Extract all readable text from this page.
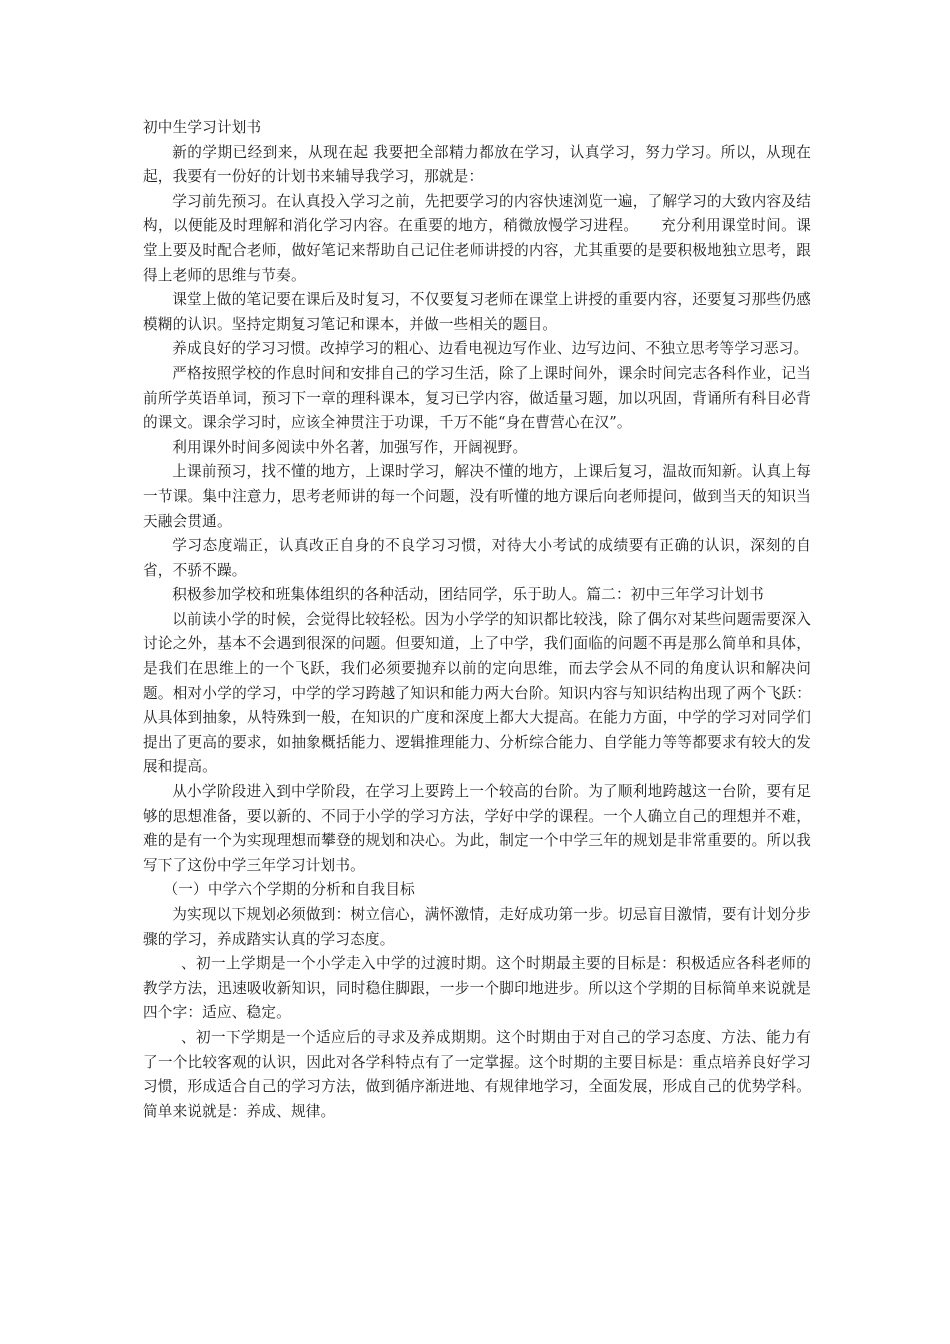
初中生学习计划书

新的学期已经到来，从现在起 我要把全部精力都放在学习，认真学习，努力学习。所以，从现在起，我要有一份好的计划书来辅导我学习，那就是：

学习前先预习。在认真投入学习之前，先把要学习的内容快速浏览一遍，了解学习的大致内容及结构，以便能及时理解和消化学习内容。在重要的地方，稍微放慢学习进程。　　充分利用课堂时间。课堂上要及时配合老师，做好笔记来帮助自己记住老师讲授的内容，尤其重要的是要积极地独立思考，跟得上老师的思维与节奏。

课堂上做的笔记要在课后及时复习，不仅要复习老师在课堂上讲授的重要内容，还要复习那些仍感模糊的认识。坚持定期复习笔记和课本，并做一些相关的题目。

养成良好的学习习惯。改掉学习的粗心、边看电视边写作业、边写边问、不独立思考等学习恶习。

严格按照学校的作息时间和安排自己的学习生活，除了上课时间外，课余时间完志各科作业，记当前所学英语单词，预习下一章的理科课本，复习已学内容，做适量习题，加以巩固，背诵所有科目必背的课文。课余学习时，应该全神贯注于功课，千万不能“身在曹营心在汉”。

利用课外时间多阅读中外名著，加强写作，开阔视野。

上课前预习，找不懂的地方，上课时学习，解决不懂的地方，上课后复习，温故而知新。认真上每一节课。集中注意力，思考老师讲的每一个问题，没有听懂的地方课后向老师提问，做到当天的知识当天融会贯通。

学习态度端正，认真改正自身的不良学习习惯，对待大小考试的成绩要有正确的认识，深刻的自省，不骄不躁。

积极参加学校和班集体组织的各种活动，团结同学，乐于助人。篇二：初中三年学习计划书

以前读小学的时候，会觉得比较轻松。因为小学学的知识都比较浅，除了偶尔对某些问题需要深入讨论之外，基本不会遇到很深的问题。但要知道，上了中学，我们面临的问题不再是那么简单和具体，是我们在思维上的一个飞跃，我们必须要抛弃以前的定向思维，而去学会从不同的角度认识和解决问题。相对小学的学习，中学的学习跨越了知识和能力两大台阶。知识内容与知识结构出现了两个飞跃：从具体到抽象，从特殊到一般，在知识的广度和深度上都大大提高。在能力方面，中学的学习对同学们提出了更高的要求，如抽象概括能力、逻辑推理能力、分析综合能力、自学能力等等都要求有较大的发展和提高。

从小学阶段进入到中学阶段，在学习上要跨上一个较高的台阶。为了顺利地跨越这一台阶，要有足够的思想准备，要以新的、不同于小学的学习方法，学好中学的课程。一个人确立自己的理想并不难，难的是有一个为实现理想而攀登的规划和决心。为此，制定一个中学三年的规划是非常重要的。所以我写下了这份中学三年学习计划书。

（一）中学六个学期的分析和自我目标

为实现以下规划必须做到：树立信心，满怀激情，走好成功第一步。切忌盲目激情，要有计划分步骤的学习，养成踏实认真的学习态度。

、初一上学期是一个小学走入中学的过渡时期。这个时期最主要的目标是：积极适应各科老师的教学方法，迅速吸收新知识，同时稳住脚跟，一步一个脚印地进步。所以这个学期的目标简单来说就是四个字：适应、稳定。

、初一下学期是一个适应后的寻求及养成期期。这个时期由于对自己的学习态度、方法、能力有了一个比较客观的认识，因此对各学科特点有了一定掌握。这个时期的主要目标是：重点培养良好学习习惯，形成适合自己的学习方法，做到循序渐进地、有规律地学习，全面发展，形成自己的优势学科。简单来说就是：养成、规律。
